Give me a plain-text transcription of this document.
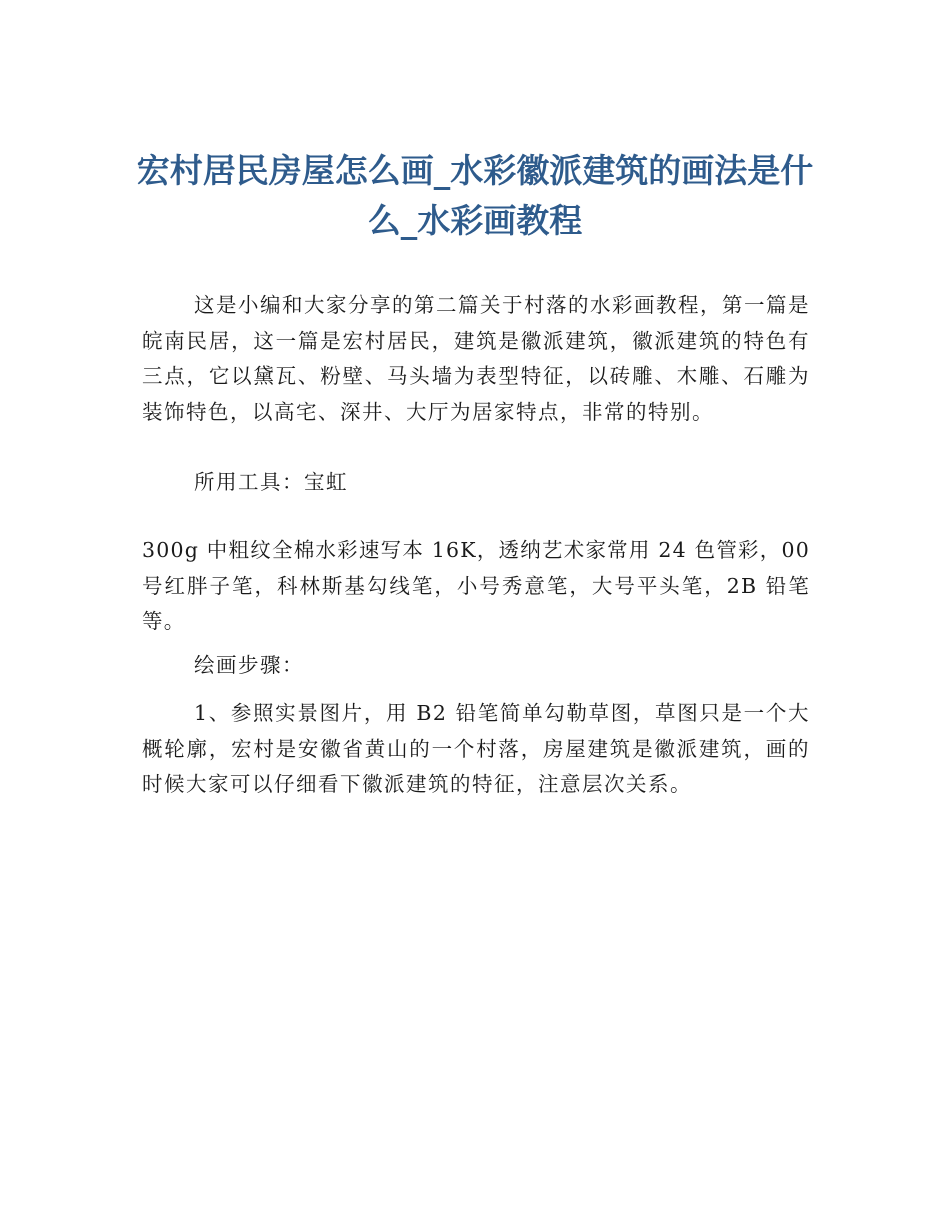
宏村居民房屋怎么画_水彩徽派建筑的画法是什么_水彩画教程

这是小编和大家分享的第二篇关于村落的水彩画教程，第一篇是皖南民居，这一篇是宏村居民，建筑是徽派建筑，徽派建筑的特色有三点，它以黛瓦、粉壁、马头墙为表型特征，以砖雕、木雕、石雕为装饰特色，以高宅、深井、大厅为居家特点，非常的特别。

所用工具：宝虹

300g 中粗纹全棉水彩速写本 16K，透纳艺术家常用 24 色管彩，00 号红胖子笔，科林斯基勾线笔，小号秀意笔，大号平头笔，2B 铅笔等。

绘画步骤：

1、参照实景图片，用 B2 铅笔简单勾勒草图，草图只是一个大概轮廓，宏村是安徽省黄山的一个村落，房屋建筑是徽派建筑，画的时候大家可以仔细看下徽派建筑的特征，注意层次关系。
